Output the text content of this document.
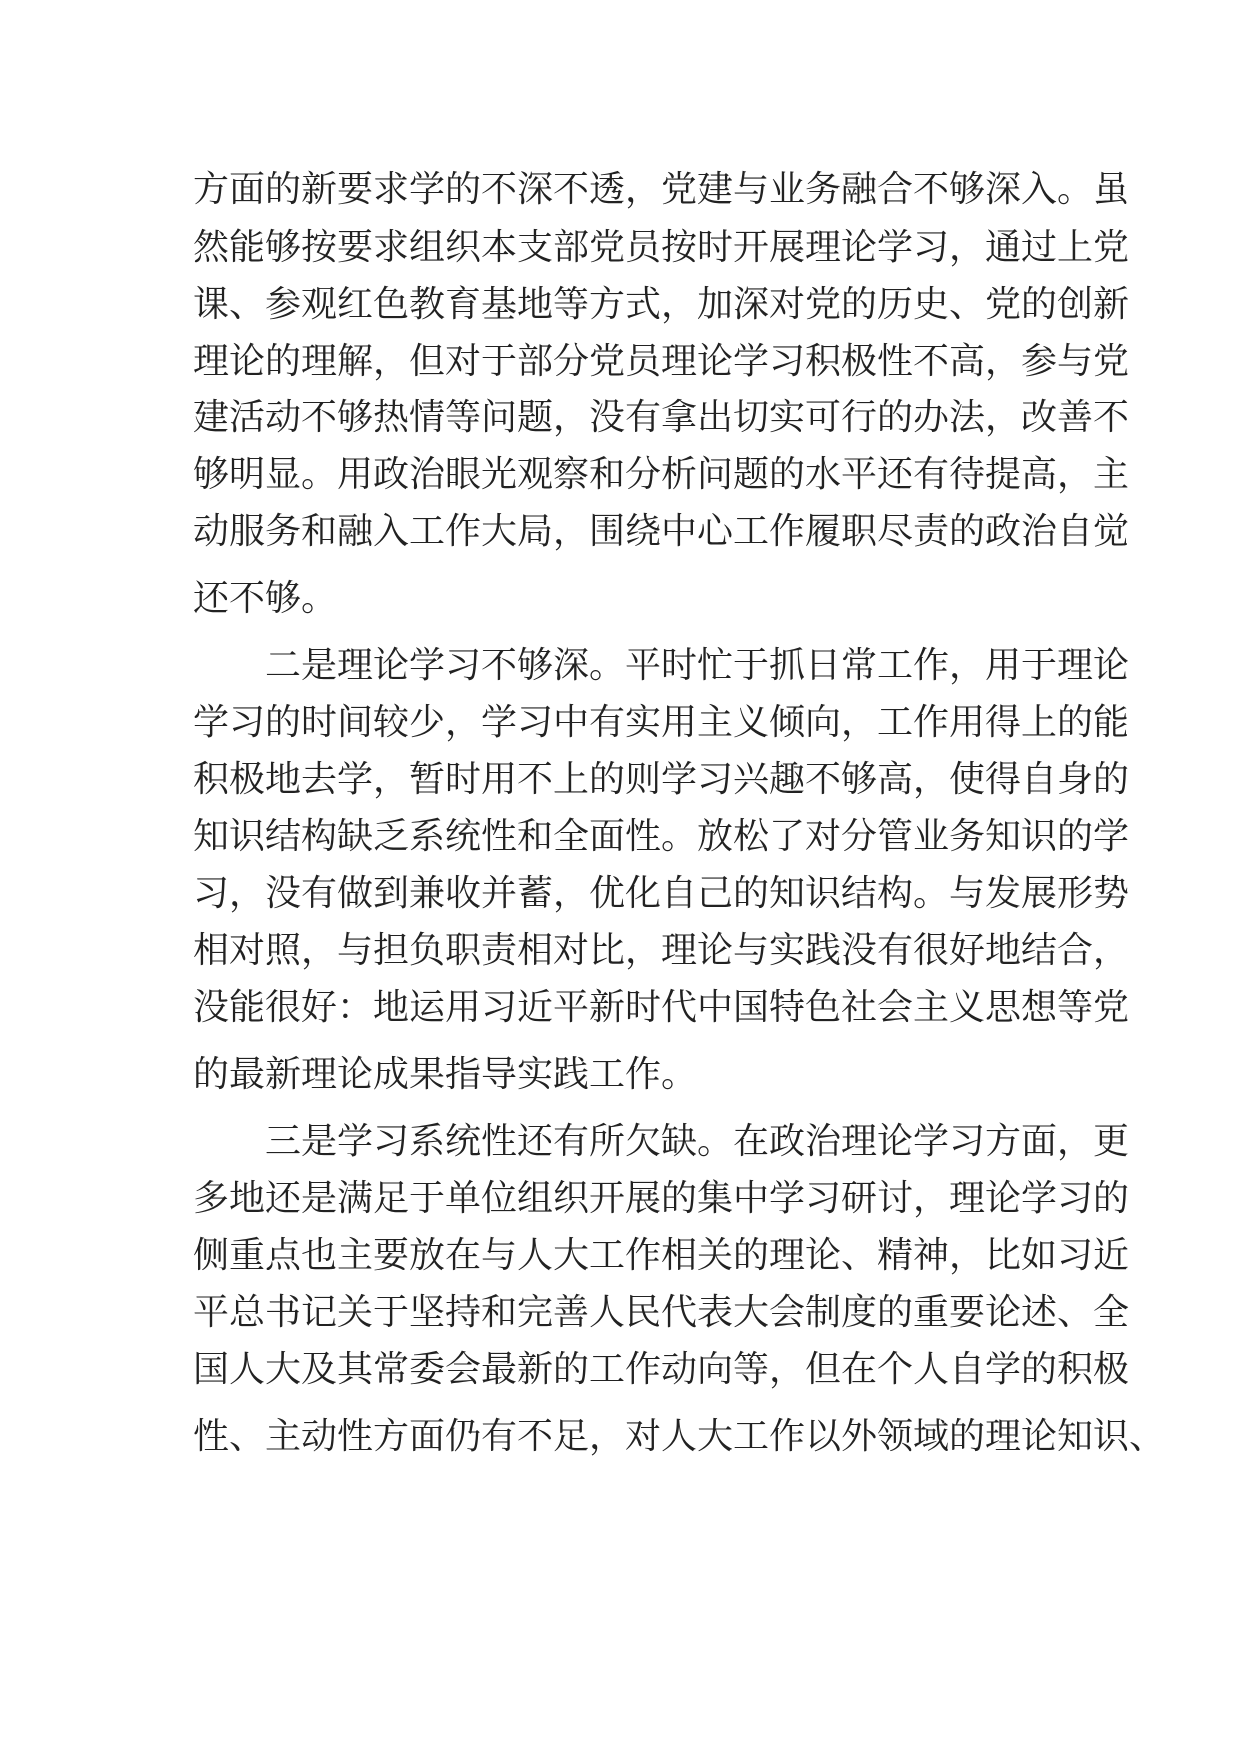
方面的新要求学的不深不透，党建与业务融合不够深入。虽

然能够按要求组织本支部党员按时开展理论学习，通过上党

课、参观红色教育基地等方式，加深对党的历史、党的创新

理论的理解，但对于部分党员理论学习积极性不高，参与党

建活动不够热情等问题，没有拿出切实可行的办法，改善不

够明显。用政治眼光观察和分析问题的水平还有待提高，主

动服务和融入工作大局，围绕中心工作履职尽责的政治自觉

还不够。

二是理论学习不够深。平时忙于抓日常工作，用于理论

学习的时间较少，学习中有实用主义倾向，工作用得上的能

积极地去学，暂时用不上的则学习兴趣不够高，使得自身的

知识结构缺乏系统性和全面性。放松了对分管业务知识的学

习，没有做到兼收并蓄，优化自己的知识结构。与发展形势

相对照，与担负职责相对比，理论与实践没有很好地结合，

没能很好：地运用习近平新时代中国特色社会主义思想等党

的最新理论成果指导实践工作。

三是学习系统性还有所欠缺。在政治理论学习方面，更

多地还是满足于单位组织开展的集中学习研讨，理论学习的

侧重点也主要放在与人大工作相关的理论、精神，比如习近

平总书记关于坚持和完善人民代表大会制度的重要论述、全

国人大及其常委会最新的工作动向等，但在个人自学的积极

性、主动性方面仍有不足，对人大工作以外领域的理论知识、
